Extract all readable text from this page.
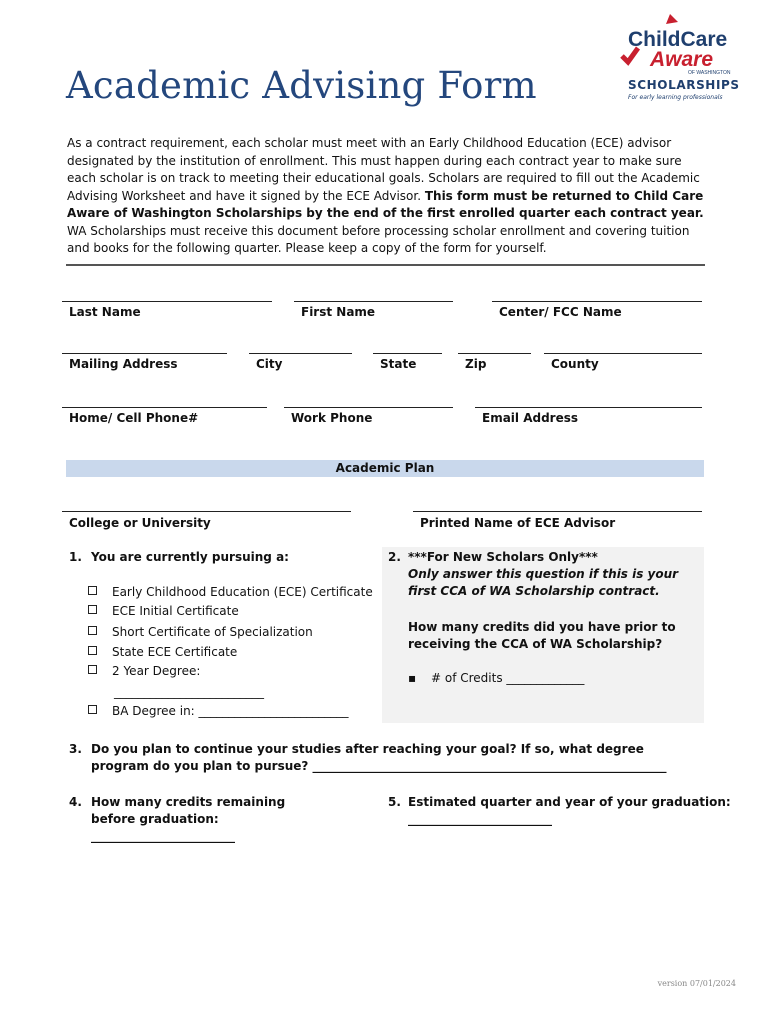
Academic Advising Form
ChildCare
Aware
OF WASHINGTON
SCHOLARSHIPS
For early learning professionals

As a contract requirement, each scholar must meet with an Early Childhood Education (ECE) advisor designated by the institution of enrollment. This must happen during each contract year to make sure each scholar is on track to meeting their educational goals. Scholars are required to fill out the Academic Advising Worksheet and have it signed by the ECE Advisor. This form must be returned to Child Care Aware of Washington Scholarships by the end of the first enrolled quarter each contract year. WA Scholarships must receive this document before processing scholar enrollment and covering tuition and books for the following quarter. Please keep a copy of the form for yourself.

Last Name	First Name	Center/ FCC Name
Mailing Address	City	State	Zip	County
Home/ Cell Phone#	Work Phone	Email Address
Academic Plan
College or University	Printed Name of ECE Advisor
1. You are currently pursuing a:
Early Childhood Education (ECE) Certificate
ECE Initial Certificate
Short Certificate of Specialization
State ECE Certificate
2 Year Degree:
_________________________
BA Degree in: _________________________
2. ***For New Scholars Only***
Only answer this question if this is your first CCA of WA Scholarship contract.
How many credits did you have prior to receiving the CCA of WA Scholarship?
▪ # of Credits _____________
3. Do you plan to continue your studies after reaching your goal? If so, what degree program do you plan to pursue? ___________________________________________________________
4. How many credits remaining before graduation: ________________________
5. Estimated quarter and year of your graduation:
________________________
version 07/01/2024
